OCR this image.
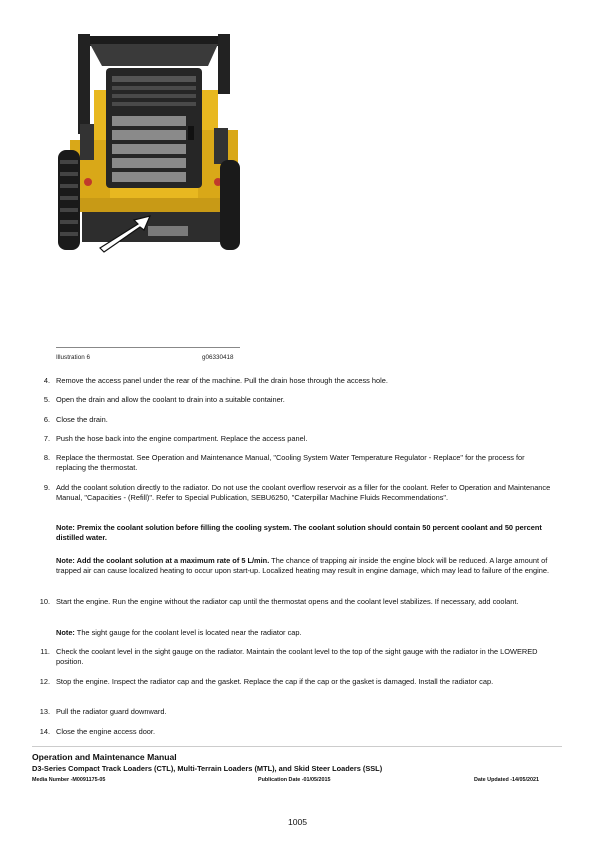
Illustration 6	g06330418
4. Remove the access panel under the rear of the machine. Pull the drain hose through the access hole.
5. Open the drain and allow the coolant to drain into a suitable container.
6. Close the drain.
7. Push the hose back into the engine compartment. Replace the access panel.
8. Replace the thermostat. See Operation and Maintenance Manual, "Cooling System Water Temperature Regulator - Replace" for the process for replacing the thermostat.
9. Add the coolant solution directly to the radiator. Do not use the coolant overflow reservoir as a filler for the coolant. Refer to Operation and Maintenance Manual, "Capacities - (Refill)". Refer to Special Publication, SEBU6250, "Caterpillar Machine Fluids Recommendations".
Note: Premix the coolant solution before filling the cooling system. The coolant solution should contain 50 percent coolant and 50 percent distilled water.
Note: Add the coolant solution at a maximum rate of 5 L/min. The chance of trapping air inside the engine block will be reduced. A large amount of trapped air can cause localized heating to occur upon start-up. Localized heating may result in engine damage, which may lead to failure of the engine.
10. Start the engine. Run the engine without the radiator cap until the thermostat opens and the coolant level stabilizes. If necessary, add coolant.
Note: The sight gauge for the coolant level is located near the radiator cap.
11. Check the coolant level in the sight gauge on the radiator. Maintain the coolant level to the top of the sight gauge with the radiator in the LOWERED position.
12. Stop the engine. Inspect the radiator cap and the gasket. Replace the cap if the cap or the gasket is damaged. Install the radiator cap.
13. Pull the radiator guard downward.
14. Close the engine access door.
Operation and Maintenance Manual
D3-Series Compact Track Loaders (CTL), Multi-Terrain Loaders (MTL), and Skid Steer Loaders (SSL)
Media Number -M0091175-05	Publication Date -01/05/2015	Date Updated -14/05/2021
1005
